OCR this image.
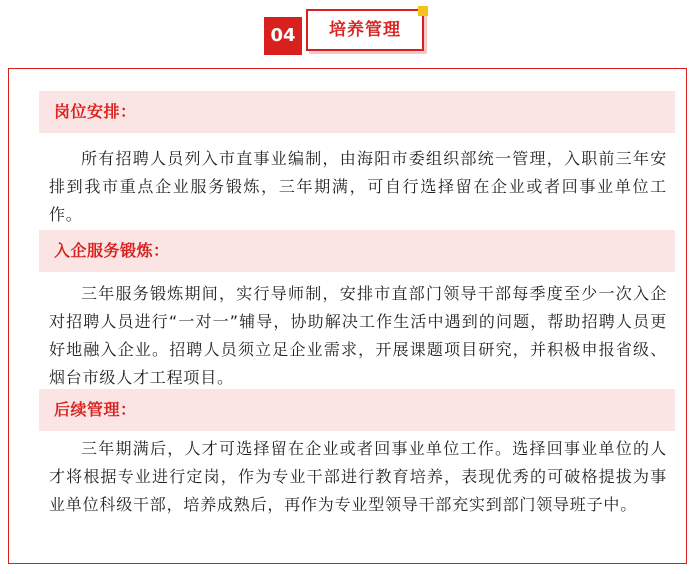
04	培养管理
岗位安排：

所有招聘人员列入市直事业编制，由海阳市委组织部统一管理，入职前三年安排到我市重点企业服务锻炼，三年期满，可自行选择留在企业或者回事业单位工作。

入企服务锻炼：

三年服务锻炼期间，实行导师制，安排市直部门领导干部每季度至少一次入企对招聘人员进行“一对一”辅导，协助解决工作生活中遇到的问题，帮助招聘人员更好地融入企业。招聘人员须立足企业需求，开展课题项目研究，并积极申报省级、烟台市级人才工程项目。

后续管理：

三年期满后，人才可选择留在企业或者回事业单位工作。选择回事业单位的人才将根据专业进行定岗，作为专业干部进行教育培养，表现优秀的可破格提拔为事业单位科级干部，培养成熟后，再作为专业型领导干部充实到部门领导班子中。
